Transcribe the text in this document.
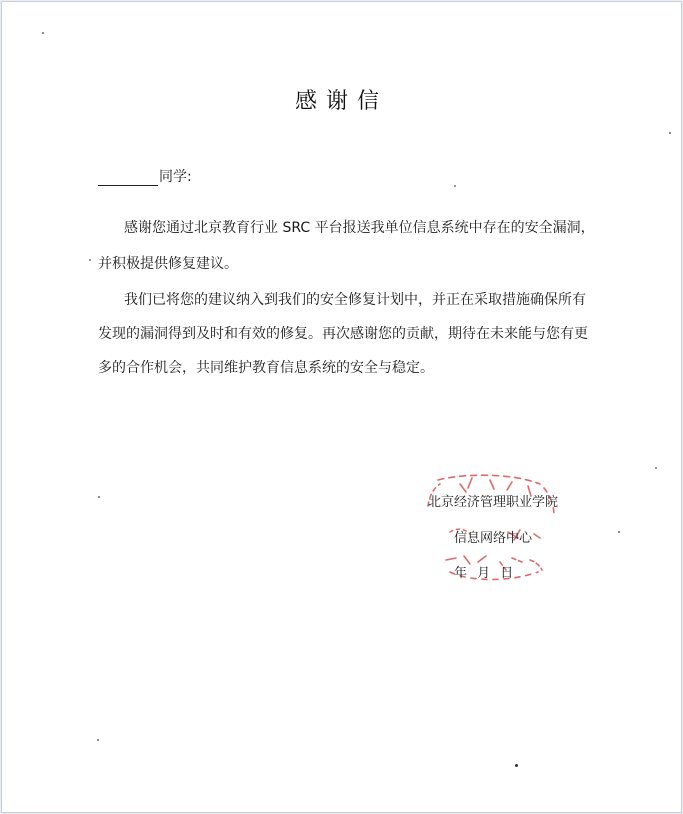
感谢信
同学:

感谢您通过北京教育行业 SRC 平台报送我单位信息系统中存在的安全漏洞，

并积极提供修复建议。

我们已将您的建议纳入到我们的安全修复计划中，并正在采取措施确保所有

发现的漏洞得到及时和有效的修复。再次感谢您的贡献，期待在未来能与您有更

多的合作机会，共同维护教育信息系统的安全与稳定。

北京经济管理职业学院
信息网络中心
年 月 日
